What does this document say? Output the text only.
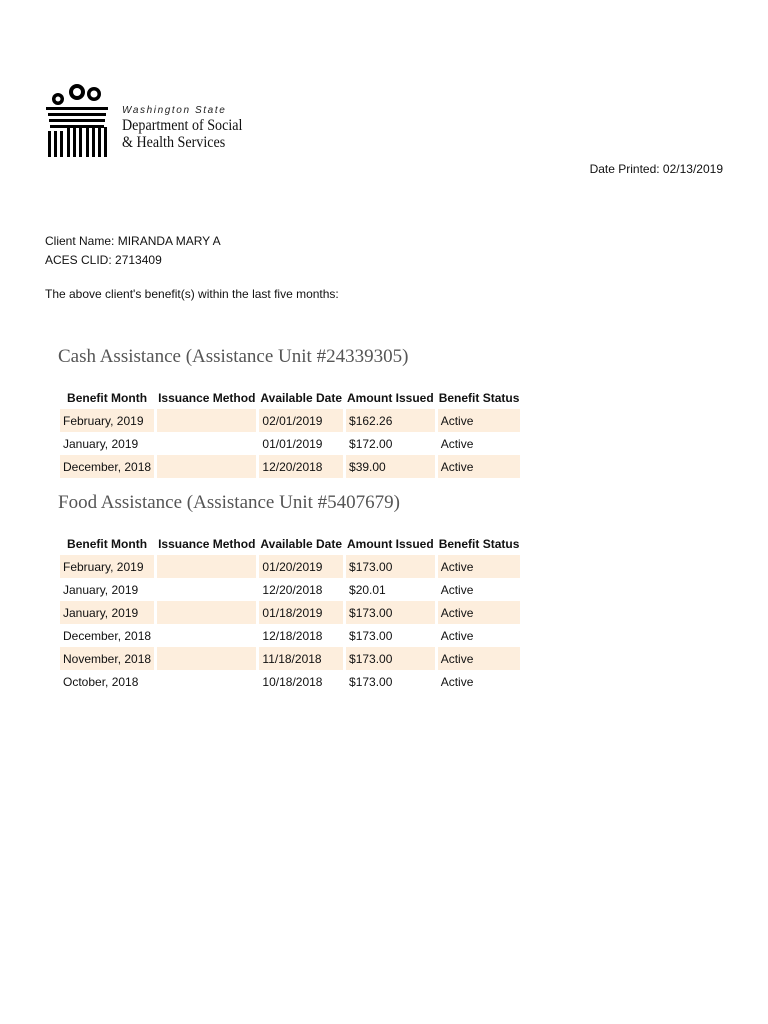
Washington State
Department of Social
& Health Services
Date Printed: 02/13/2019
Client Name: MIRANDA MARY A
ACES CLID: 2713409
The above client's benefit(s) within the last five months:
Cash Assistance (Assistance Unit #24339305)
Benefit Month	Issuance Method	Available Date	Amount Issued	Benefit Status
February, 2019		02/01/2019	$162.26	Active
January, 2019		01/01/2019	$172.00	Active
December, 2018		12/20/2018	$39.00	Active
Food Assistance (Assistance Unit #5407679)
Benefit Month	Issuance Method	Available Date	Amount Issued	Benefit Status
February, 2019		01/20/2019	$173.00	Active
January, 2019		12/20/2018	$20.01	Active
January, 2019		01/18/2019	$173.00	Active
December, 2018		12/18/2018	$173.00	Active
November, 2018		11/18/2018	$173.00	Active
October, 2018		10/18/2018	$173.00	Active
